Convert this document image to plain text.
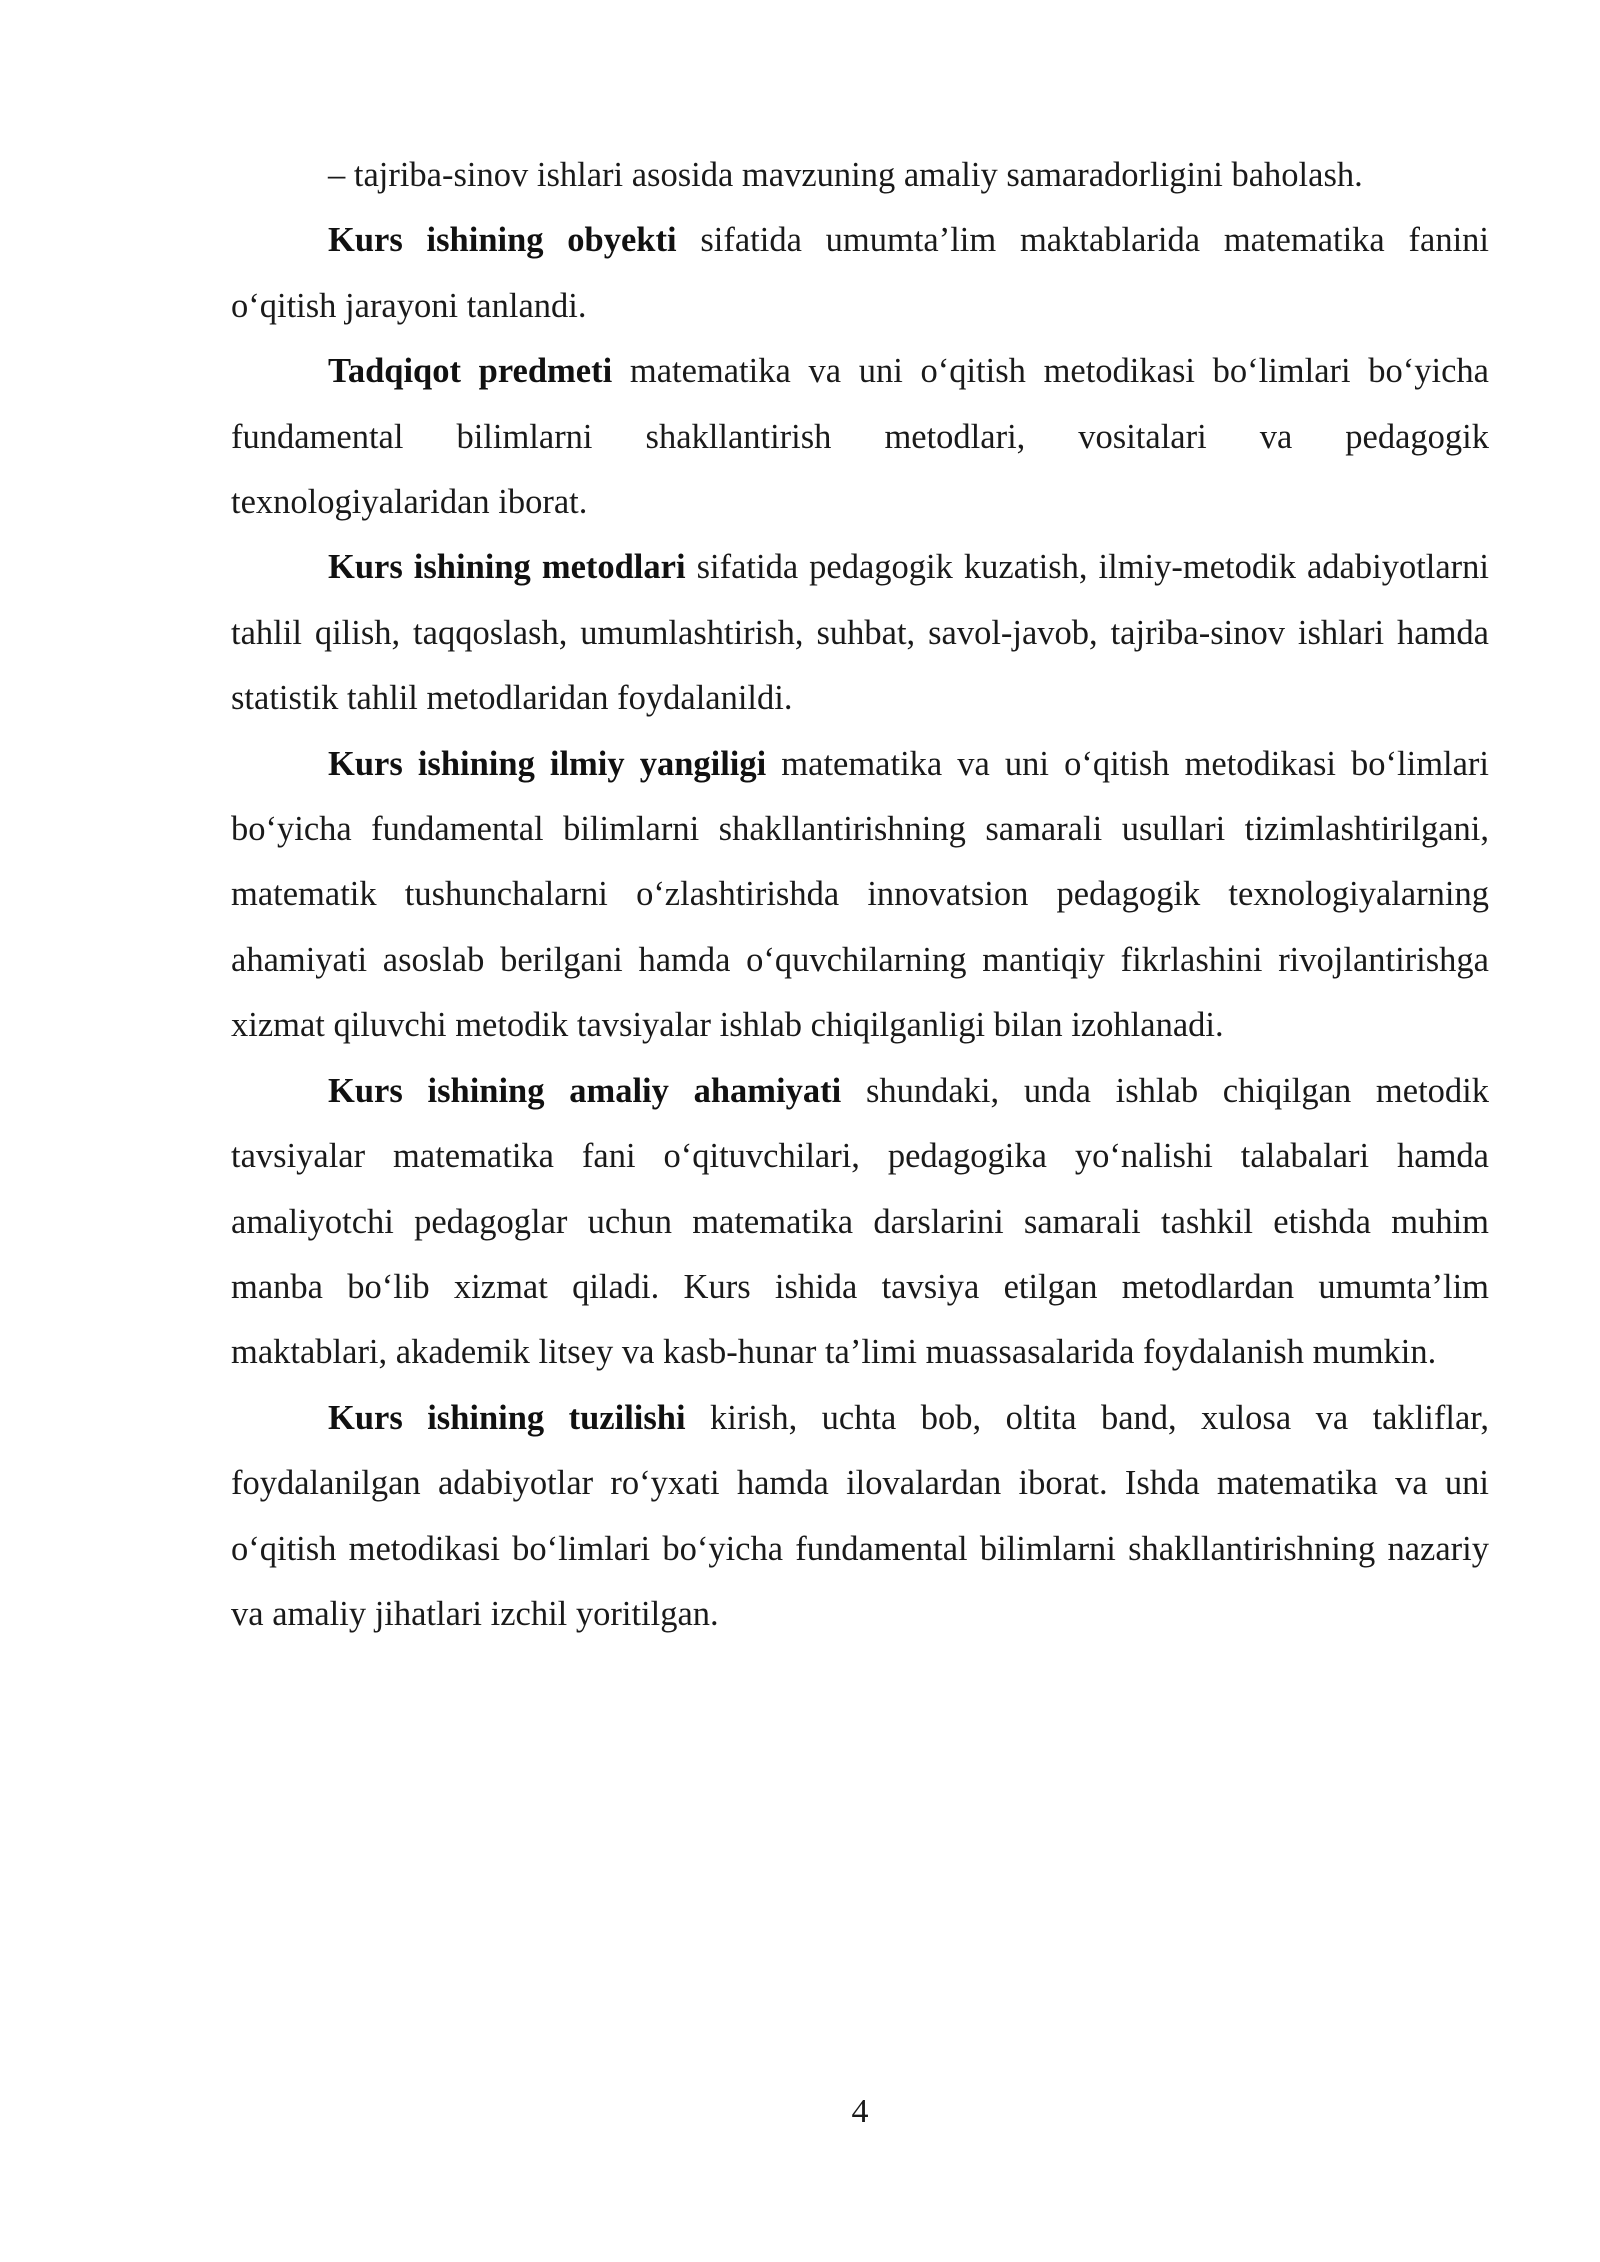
– tajriba-sinov ishlari asosida mavzuning amaliy samaradorligini baholash.

Kurs ishining obyekti sifatida umumta’lim maktablarida matematika fanini o‘qitish jarayoni tanlandi.

Tadqiqot predmeti matematika va uni o‘qitish metodikasi bo‘limlari bo‘yicha fundamental bilimlarni shakllantirish metodlari, vositalari va pedagogik texnologiyalaridan iborat.

Kurs ishining metodlari sifatida pedagogik kuzatish, ilmiy-metodik adabiyotlarni tahlil qilish, taqqoslash, umumlashtirish, suhbat, savol-javob, tajriba-sinov ishlari hamda statistik tahlil metodlaridan foydalanildi.

Kurs ishining ilmiy yangiligi matematika va uni o‘qitish metodikasi bo‘limlari bo‘yicha fundamental bilimlarni shakllantirishning samarali usullari tizimlashtirilgani, matematik tushunchalarni o‘zlashtirishda innovatsion pedagogik texnologiyalarning ahamiyati asoslab berilgani hamda o‘quvchilarning mantiqiy fikrlashini rivojlantirishga xizmat qiluvchi metodik tavsiyalar ishlab chiqilganligi bilan izohlanadi.

Kurs ishining amaliy ahamiyati shundaki, unda ishlab chiqilgan metodik tavsiyalar matematika fani o‘qituvchilari, pedagogika yo‘nalishi talabalari hamda amaliyotchi pedagoglar uchun matematika darslarini samarali tashkil etishda muhim manba bo‘lib xizmat qiladi. Kurs ishida tavsiya etilgan metodlardan umumta’lim maktablari, akademik litsey va kasb-hunar ta’limi muassasalarida foydalanish mumkin.

Kurs ishining tuzilishi kirish, uchta bob, oltita band, xulosa va takliflar, foydalanilgan adabiyotlar ro‘yxati hamda ilovalardan iborat. Ishda matematika va uni o‘qitish metodikasi bo‘limlari bo‘yicha fundamental bilimlarni shakllantirishning nazariy va amaliy jihatlari izchil yoritilgan.

4
